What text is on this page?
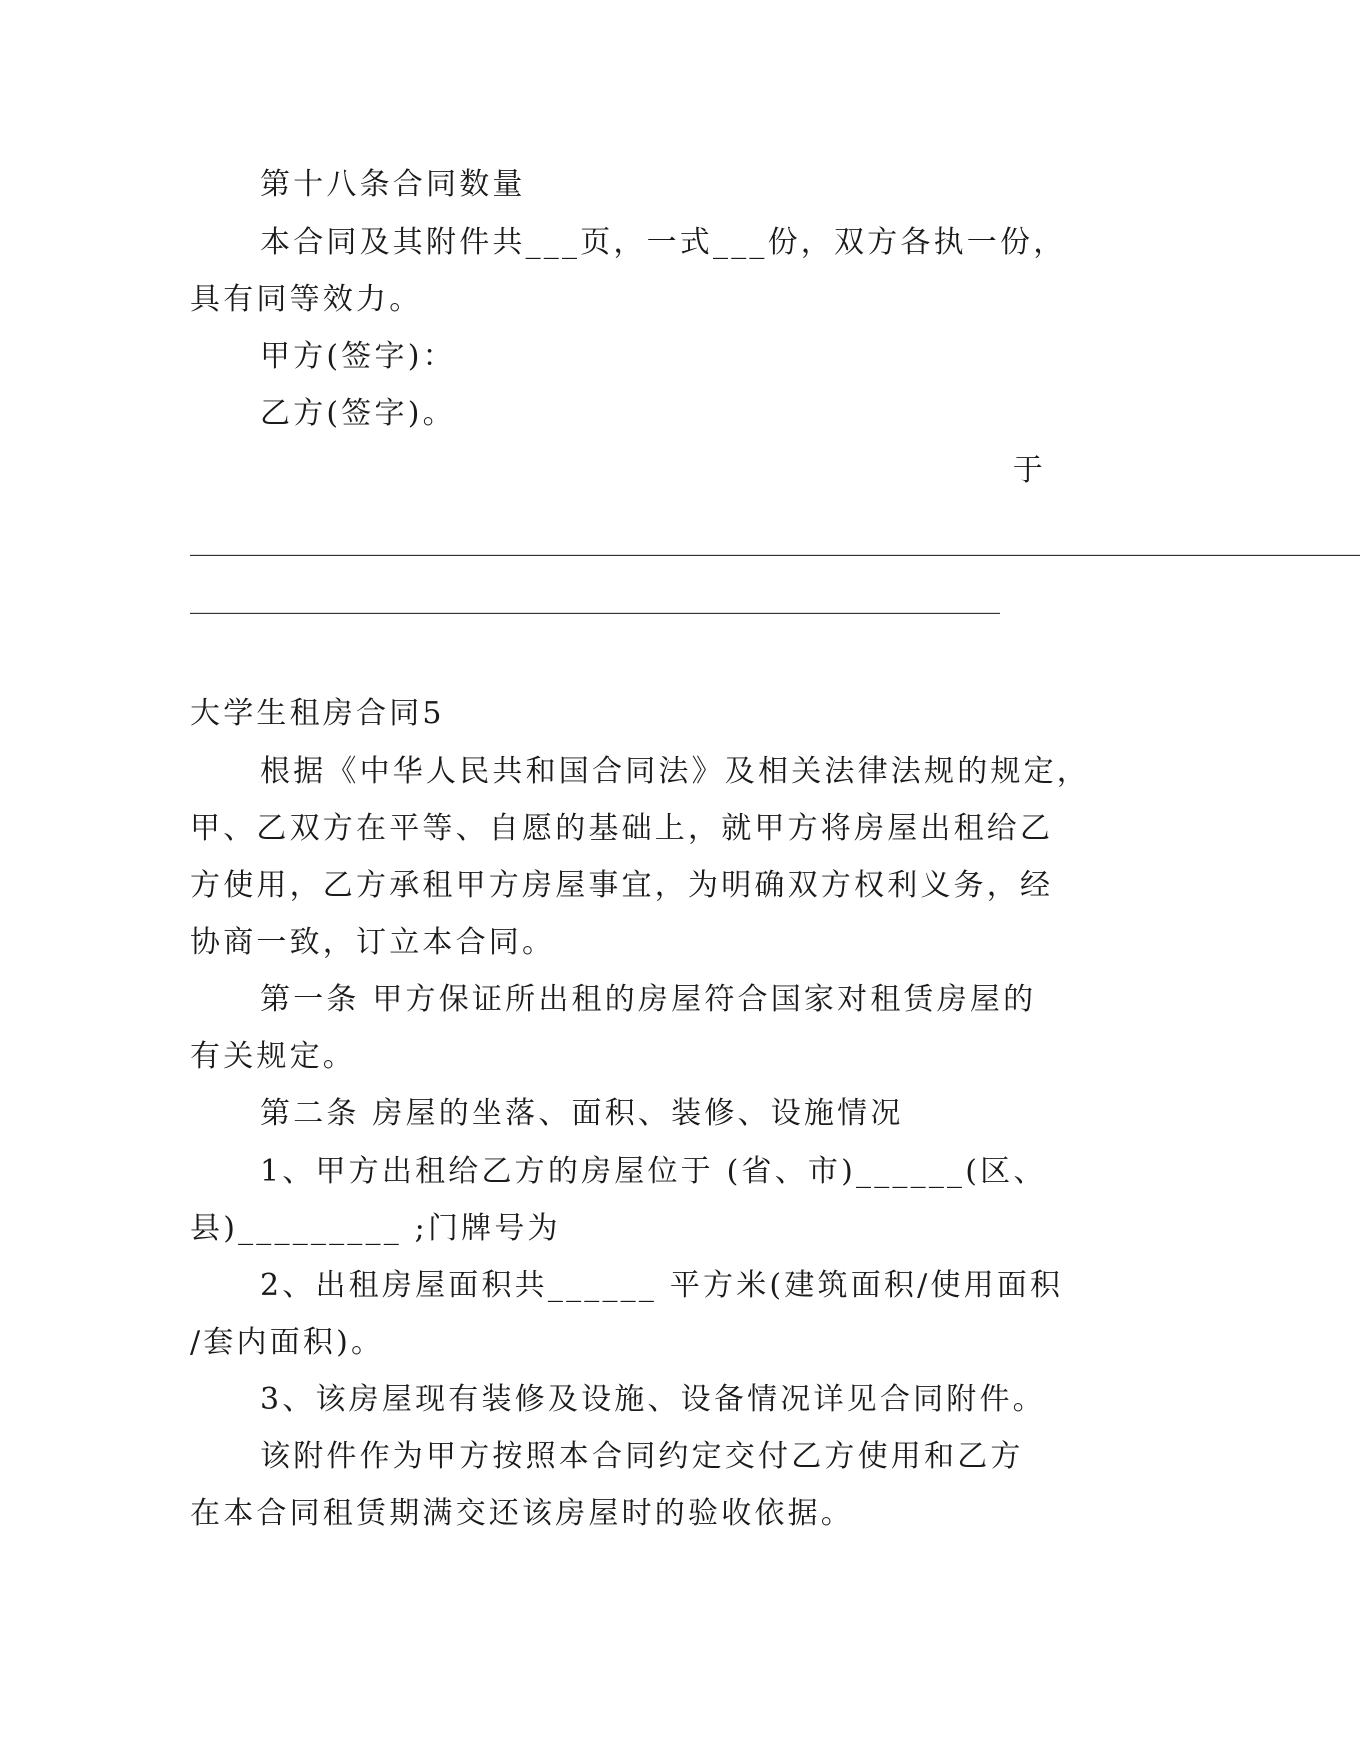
第十八条合同数量
本合同及其附件共___页，一式___份，双方各执一份，
具有同等效力。
甲方(签字)：
乙方(签字)。
于
______________________________________________________________________________
______________________________________________________
大学生租房合同5
根据《中华人民共和国合同法》及相关法律法规的规定，
甲、乙双方在平等、自愿的基础上，就甲方将房屋出租给乙
方使用，乙方承租甲方房屋事宜，为明确双方权利义务，经
协商一致，订立本合同。
第一条 甲方保证所出租的房屋符合国家对租赁房屋的
有关规定。
第二条 房屋的坐落、面积、装修、设施情况
1、甲方出租给乙方的房屋位于 (省、市)______(区、
县)_________ ;门牌号为
2、出租房屋面积共______ 平方米(建筑面积/使用面积
/套内面积)。
3、该房屋现有装修及设施、设备情况详见合同附件。
该附件作为甲方按照本合同约定交付乙方使用和乙方
在本合同租赁期满交还该房屋时的验收依据。
